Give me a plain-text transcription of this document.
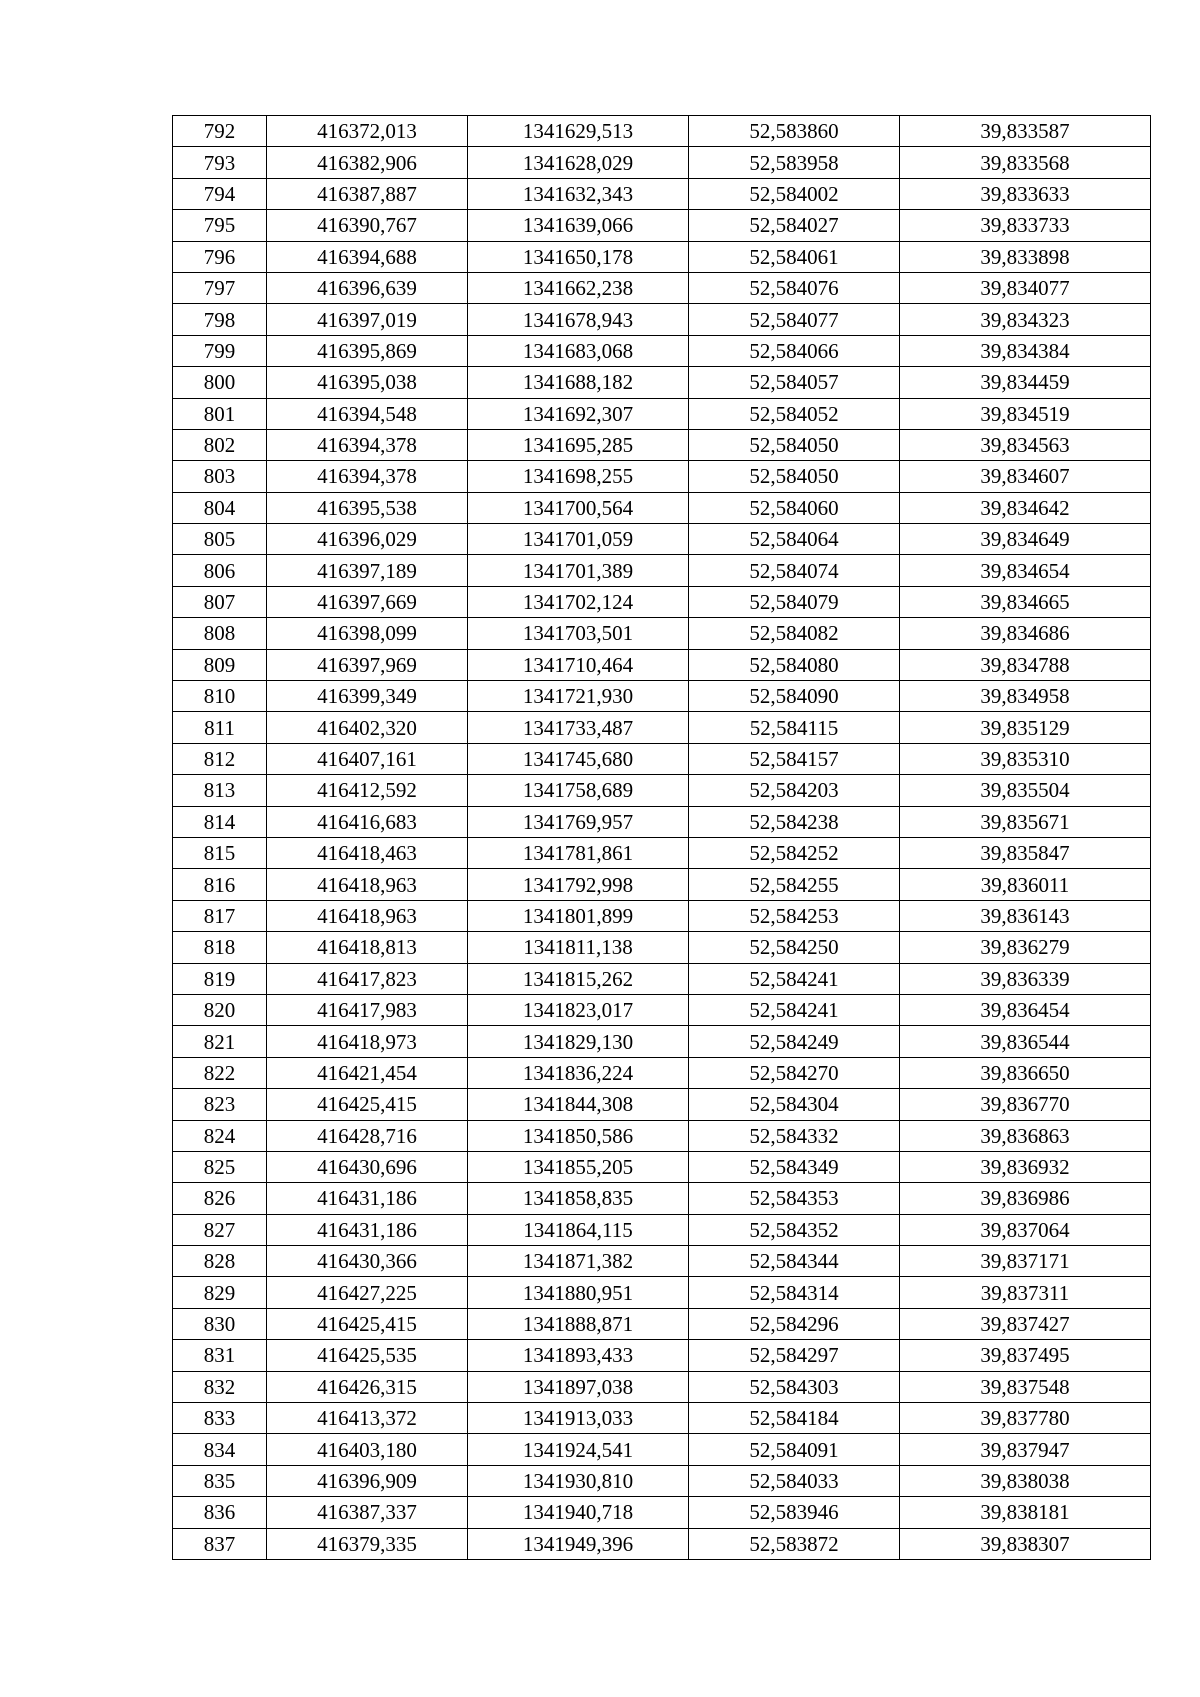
792	416372,013	1341629,513	52,583860	39,833587
793	416382,906	1341628,029	52,583958	39,833568
794	416387,887	1341632,343	52,584002	39,833633
795	416390,767	1341639,066	52,584027	39,833733
796	416394,688	1341650,178	52,584061	39,833898
797	416396,639	1341662,238	52,584076	39,834077
798	416397,019	1341678,943	52,584077	39,834323
799	416395,869	1341683,068	52,584066	39,834384
800	416395,038	1341688,182	52,584057	39,834459
801	416394,548	1341692,307	52,584052	39,834519
802	416394,378	1341695,285	52,584050	39,834563
803	416394,378	1341698,255	52,584050	39,834607
804	416395,538	1341700,564	52,584060	39,834642
805	416396,029	1341701,059	52,584064	39,834649
806	416397,189	1341701,389	52,584074	39,834654
807	416397,669	1341702,124	52,584079	39,834665
808	416398,099	1341703,501	52,584082	39,834686
809	416397,969	1341710,464	52,584080	39,834788
810	416399,349	1341721,930	52,584090	39,834958
811	416402,320	1341733,487	52,584115	39,835129
812	416407,161	1341745,680	52,584157	39,835310
813	416412,592	1341758,689	52,584203	39,835504
814	416416,683	1341769,957	52,584238	39,835671
815	416418,463	1341781,861	52,584252	39,835847
816	416418,963	1341792,998	52,584255	39,836011
817	416418,963	1341801,899	52,584253	39,836143
818	416418,813	1341811,138	52,584250	39,836279
819	416417,823	1341815,262	52,584241	39,836339
820	416417,983	1341823,017	52,584241	39,836454
821	416418,973	1341829,130	52,584249	39,836544
822	416421,454	1341836,224	52,584270	39,836650
823	416425,415	1341844,308	52,584304	39,836770
824	416428,716	1341850,586	52,584332	39,836863
825	416430,696	1341855,205	52,584349	39,836932
826	416431,186	1341858,835	52,584353	39,836986
827	416431,186	1341864,115	52,584352	39,837064
828	416430,366	1341871,382	52,584344	39,837171
829	416427,225	1341880,951	52,584314	39,837311
830	416425,415	1341888,871	52,584296	39,837427
831	416425,535	1341893,433	52,584297	39,837495
832	416426,315	1341897,038	52,584303	39,837548
833	416413,372	1341913,033	52,584184	39,837780
834	416403,180	1341924,541	52,584091	39,837947
835	416396,909	1341930,810	52,584033	39,838038
836	416387,337	1341940,718	52,583946	39,838181
837	416379,335	1341949,396	52,583872	39,838307
